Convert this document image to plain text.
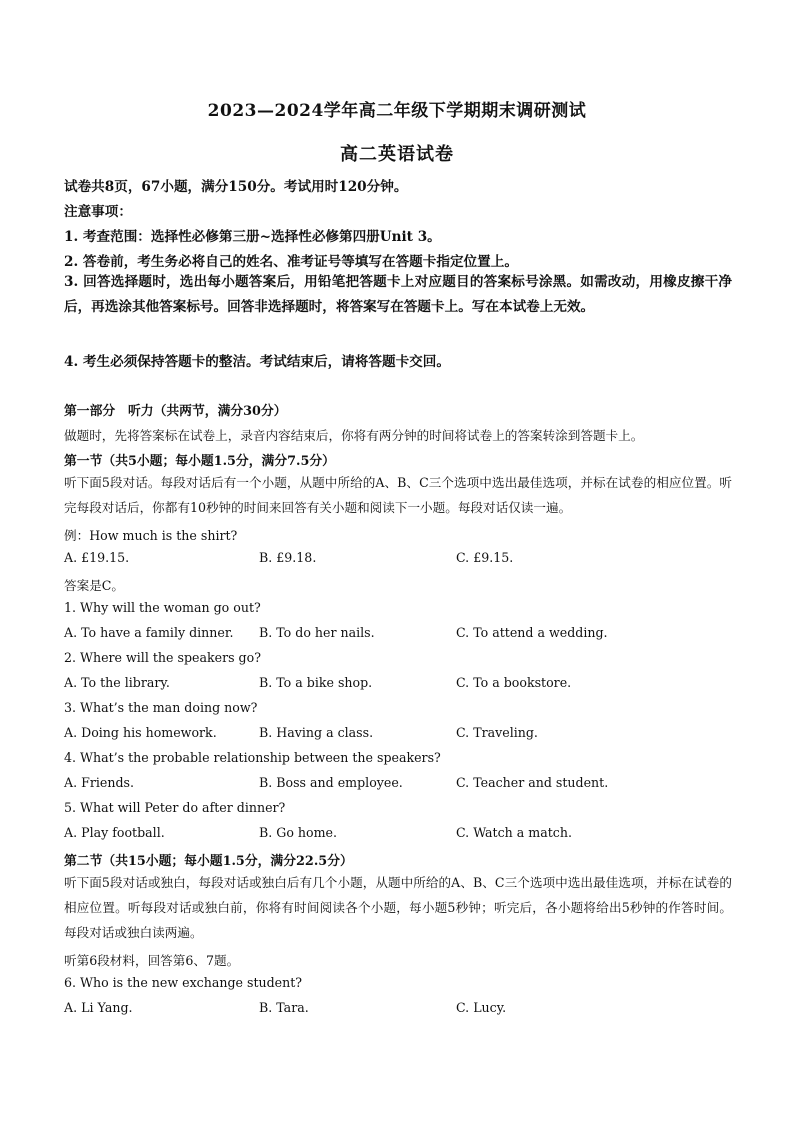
2023—2024学年高二年级下学期期末调研测试
高二英语试卷
试卷共8页，67小题，满分150分。考试用时120分钟。
注意事项：
1. 考查范围：选择性必修第三册~选择性必修第四册Unit 3。
2. 答卷前，考生务必将自己的姓名、准考证号等填写在答题卡指定位置上。
3. 回答选择题时，选出每小题答案后，用铅笔把答题卡上对应题目的答案标号涂黑。如需改动，用橡皮擦干净后，再选涂其他答案标号。回答非选择题时，将答案写在答题卡上。写在本试卷上无效。
4. 考生必须保持答题卡的整洁。考试结束后，请将答题卡交回。
第一部分　听力（共两节，满分30分）
做题时，先将答案标在试卷上，录音内容结束后，你将有两分钟的时间将试卷上的答案转涂到答题卡上。
第一节（共5小题；每小题1.5分，满分7.5分）
听下面5段对话。每段对话后有一个小题，从题中所给的A、B、C三个选项中选出最佳选项，并标在试卷的相应位置。听完每段对话后，你都有10秒钟的时间来回答有关小题和阅读下一小题。每段对话仅读一遍。
例：How much is the shirt?
A. £19.15.	B. £9.18.	C. £9.15.
答案是C。
1. Why will the woman go out?
A. To have a family dinner. B. To do her nails.	C. To attend a wedding.
2. Where will the speakers go?
A. To the library.	B. To a bike shop.	C. To a bookstore.
3. What’s the man doing now?
A. Doing his homework.	B. Having a class.	C. Traveling.
4. What’s the probable relationship between the speakers?
A. Friends.	B. Boss and employee.	C. Teacher and student.
5. What will Peter do after dinner?
A. Play football.	B. Go home.	C. Watch a match.
第二节（共15小题；每小题1.5分，满分22.5分）
听下面5段对话或独白，每段对话或独白后有几个小题，从题中所给的A、B、C三个选项中选出最佳选项，并标在试卷的相应位置。听每段对话或独白前，你将有时间阅读各个小题，每小题5秒钟；听完后，各小题将给出5秒钟的作答时间。每段对话或独白读两遍。
听第6段材料，回答第6、7题。
6. Who is the new exchange student?
A. Li Yang.	B. Tara.	C. Lucy.
